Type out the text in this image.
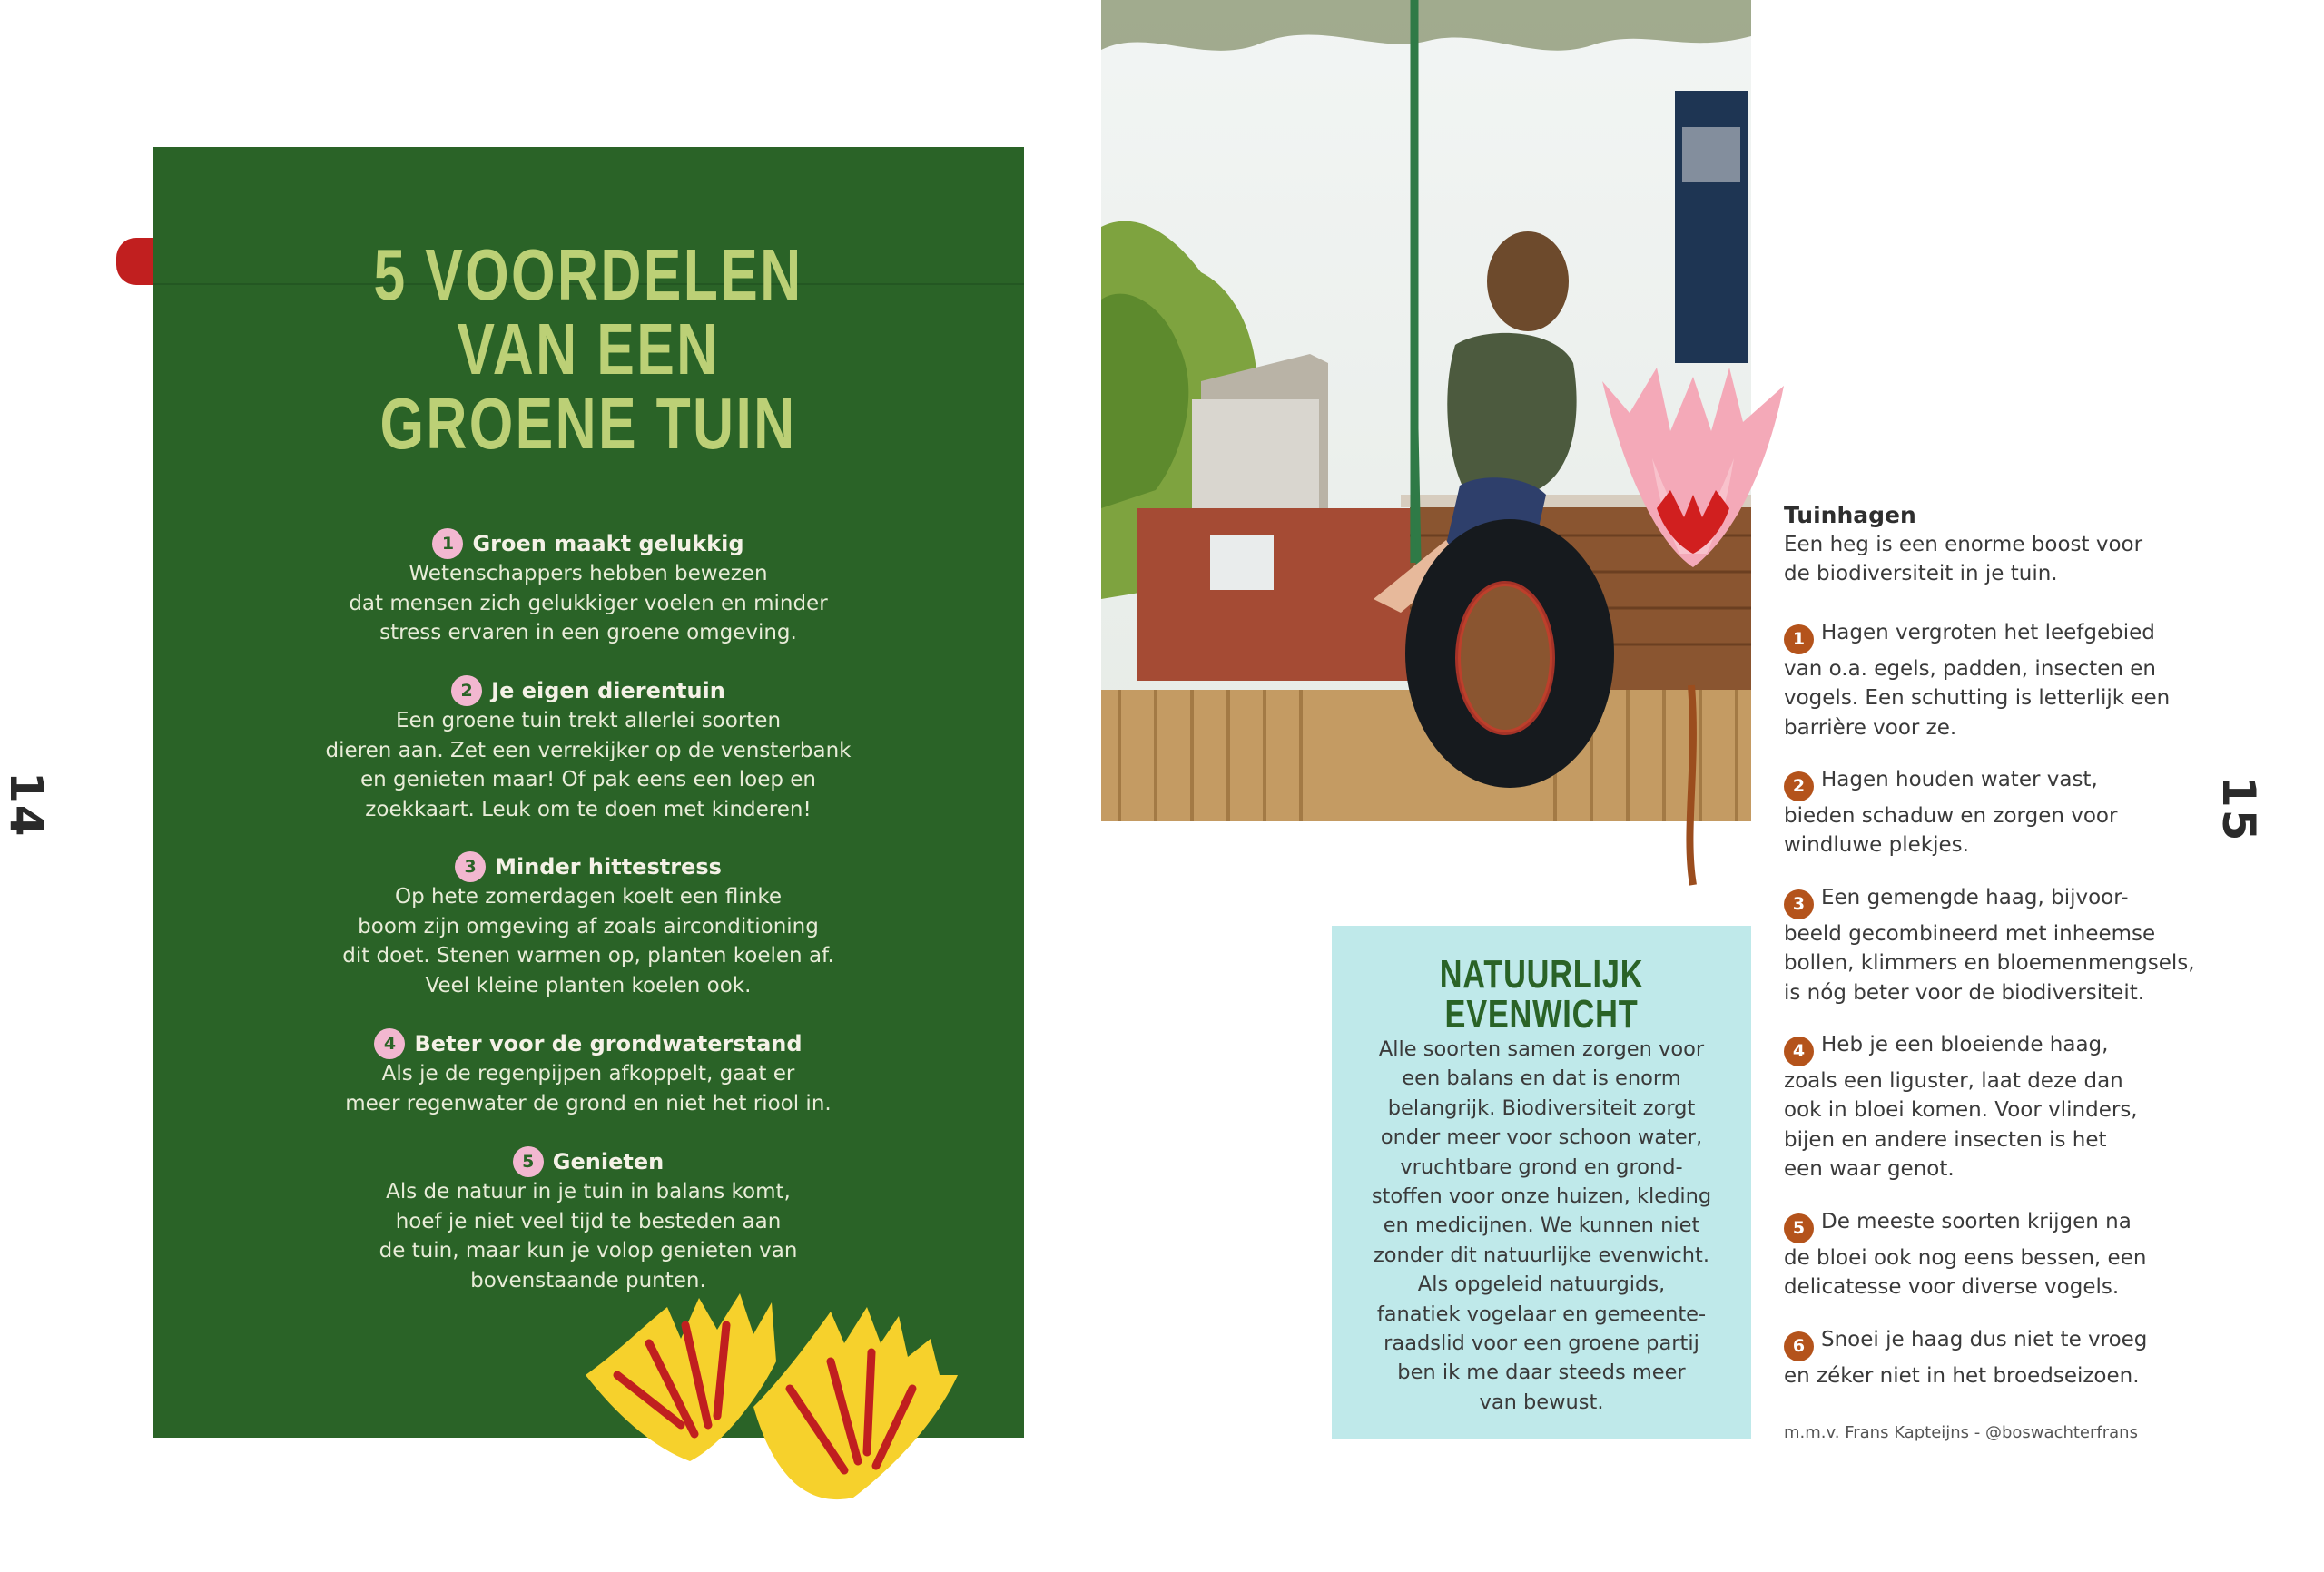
14	15
5 VOORDELEN
VAN EEN
GROENE TUIN
1 Groen maakt gelukkig
Wetenschappers hebben bewezen
dat mensen zich gelukkiger voelen en minder
stress ervaren in een groene omgeving.
2 Je eigen dierentuin
Een groene tuin trekt allerlei soorten
dieren aan. Zet een verrekijker op de vensterbank
en genieten maar! Of pak eens een loep en
zoekkaart. Leuk om te doen met kinderen!
3 Minder hittestress
Op hete zomerdagen koelt een flinke
boom zijn omgeving af zoals airconditioning
dit doet. Stenen warmen op, planten koelen af.
Veel kleine planten koelen ook.
4 Beter voor de grondwaterstand
Als je de regenpijpen afkoppelt, gaat er
meer regenwater de grond en niet het riool in.
5 Genieten
Als de natuur in je tuin in balans komt,
hoef je niet veel tijd te besteden aan
de tuin, maar kun je volop genieten van
bovenstaande punten.
NATUURLIJK
EVENWICHT
Alle soorten samen zorgen voor
een balans en dat is enorm
belangrijk. Biodiversiteit zorgt
onder meer voor schoon water,
vruchtbare grond en grond-
stoffen voor onze huizen, kleding
en medicijnen. We kunnen niet
zonder dit natuurlijke evenwicht.
Als opgeleid natuurgids,
fanatiek vogelaar en gemeente-
raadslid voor een groene partij
ben ik me daar steeds meer
van bewust.
Tuinhagen
Een heg is een enorme boost voor
de biodiversiteit in je tuin.
1 Hagen vergroten het leefgebied
van o.a. egels, padden, insecten en
vogels. Een schutting is letterlijk een
barrière voor ze.
2 Hagen houden water vast,
bieden schaduw en zorgen voor
windluwe plekjes.
3 Een gemengde haag, bijvoor-
beeld gecombineerd met inheemse
bollen, klimmers en bloemenmengsels,
is nóg beter voor de biodiversiteit.
4 Heb je een bloeiende haag,
zoals een liguster, laat deze dan
ook in bloei komen. Voor vlinders,
bijen en andere insecten is het
een waar genot.
5 De meeste soorten krijgen na
de bloei ook nog eens bessen, een
delicatesse voor diverse vogels.
6 Snoei je haag dus niet te vroeg
en zéker niet in het broedseizoen.
m.m.v. Frans Kapteijns - @boswachterfrans
